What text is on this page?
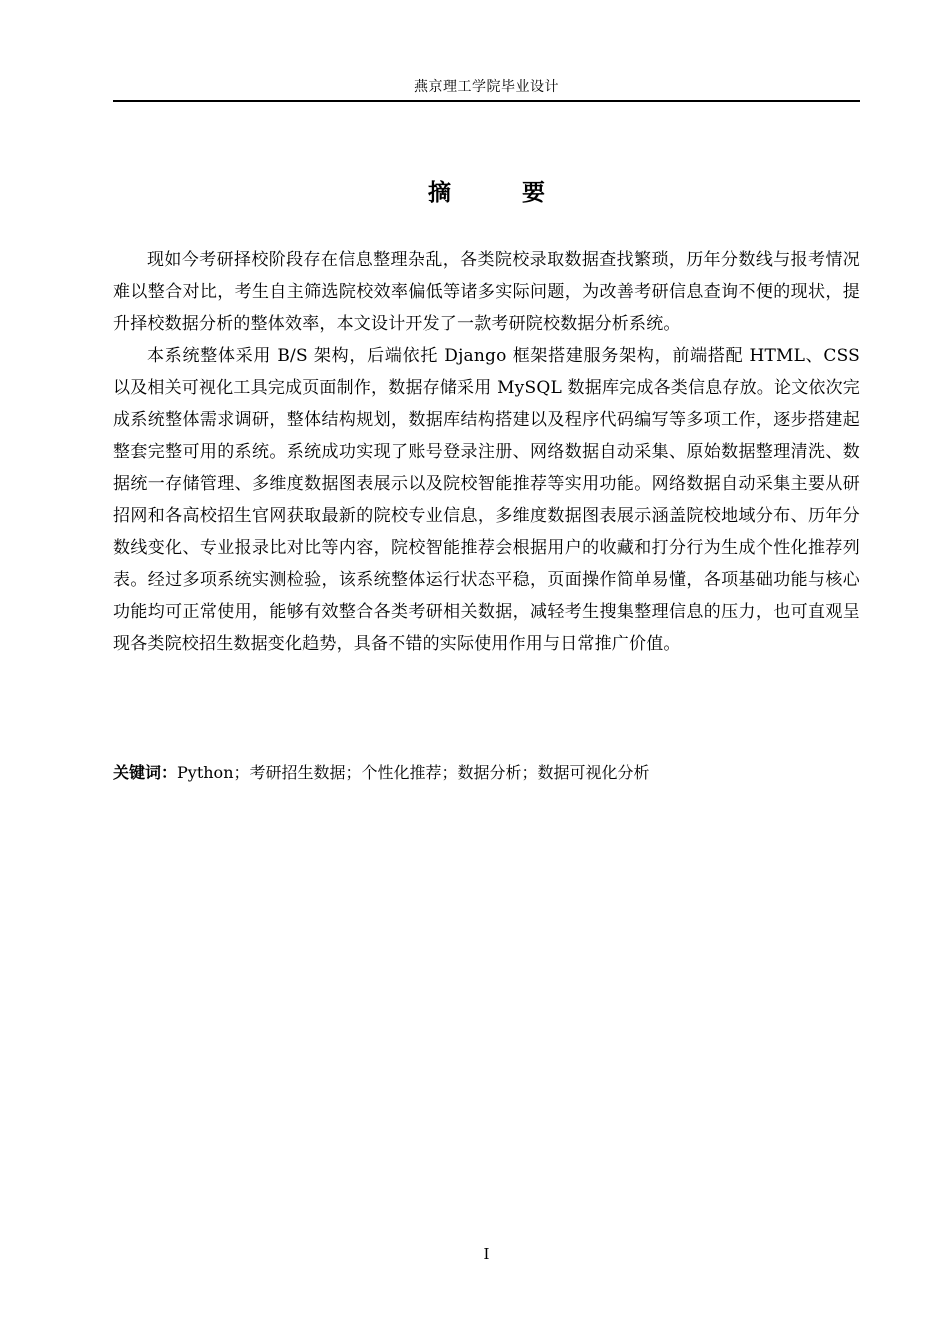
燕京理工学院毕业设计
摘　要

现如今考研择校阶段存在信息整理杂乱，各类院校录取数据查找繁琐，历年分数线与报考情况难以整合对比，考生自主筛选院校效率偏低等诸多实际问题，为改善考研信息查询不便的现状，提升择校数据分析的整体效率，本文设计开发了一款考研院校数据分析系统。

本系统整体采用 B/S 架构，后端依托 Django 框架搭建服务架构，前端搭配 HTML、CSS 以及相关可视化工具完成页面制作，数据存储采用 MySQL 数据库完成各类信息存放。论文依次完成系统整体需求调研，整体结构规划，数据库结构搭建以及程序代码编写等多项工作，逐步搭建起整套完整可用的系统。系统成功实现了账号登录注册、网络数据自动采集、原始数据整理清洗、数据统一存储管理、多维度数据图表展示以及院校智能推荐等实用功能。网络数据自动采集主要从研招网和各高校招生官网获取最新的院校专业信息，多维度数据图表展示涵盖院校地域分布、历年分数线变化、专业报录比对比等内容，院校智能推荐会根据用户的收藏和打分行为生成个性化推荐列表。经过多项系统实测检验，该系统整体运行状态平稳，页面操作简单易懂，各项基础功能与核心功能均可正常使用，能够有效整合各类考研相关数据，减轻考生搜集整理信息的压力，也可直观呈现各类院校招生数据变化趋势，具备不错的实际使用作用与日常推广价值。

关键词：Python；考研招生数据；个性化推荐；数据分析；数据可视化分析
I
